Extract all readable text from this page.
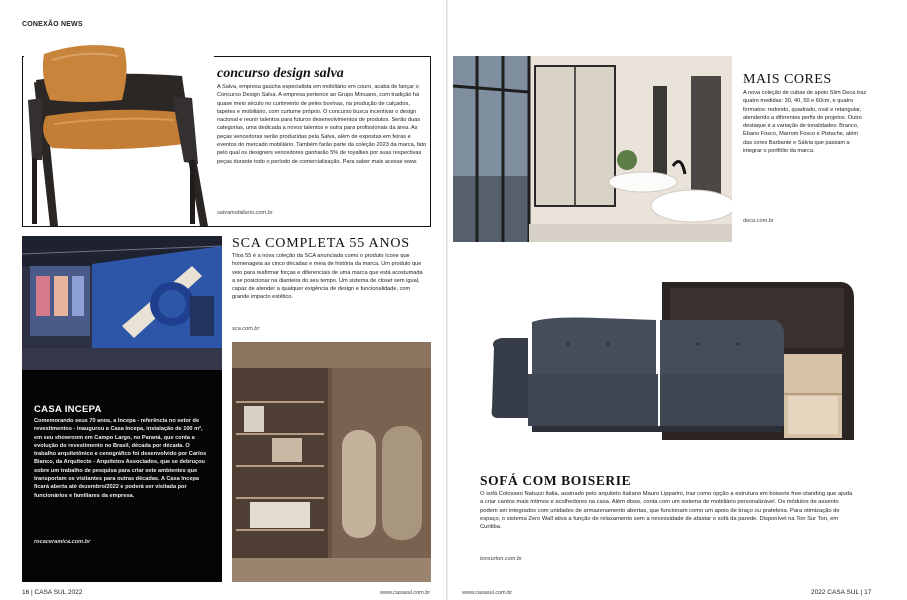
CONEXÃO NEWS
concurso design salva
A Salva, empresa gaúcha especialista em mobiliário em couro, acaba de lançar o Concurso Design Salva. A empresa pertence ao Grupo Minuano, com tradição há quase meio século no curtimento de peles bovinas, na produção de calçados, tapetes e mobiliário, com curtume próprio. O concurso busca incentivar o design nacional e reunir talentos para futuros desenvolvimentos de produtos. Serão duas categorias, uma dedicada a novos talentos e outra para profissionais da área. As peças vencedoras serão produzidas pela Salva, além de expostas em feiras e eventos do mercado mobiliário. Também farão parte da coleção 2023 da marca, fato pelo qual os designers vencedores ganharão 5% de royalties por suas respectivas peças durante todo o período de comercialização. Para saber mais acesse www.
salvamobiliario.com.br
CASA INCEPA
Comemorando seus 70 anos, a Incepa - referência no setor de revestimentos - inaugurou a Casa Incepa, instalação de 100 m², em seu showroom em Campo Largo, no Paraná, que conta a evolução do revestimento no Brasil, década por década. O trabalho arquitetônico e cenográfico foi desenvolvido por Carlos Bianco, da Arquitecto - Arquitetos Associados, que se debruçou sobre um trabalho de pesquisa para criar sete ambientes que transportam os visitantes para outras décadas. A Casa Incepa ficará aberta até dezembro/2022 e poderá ser visitada por funcionários e familiares da empresa.
rocaceramica.com.br
SCA COMPLETA 55 ANOS
Tilos 55 é a nova coleção da SCA anunciada como o produto ícone que homenageia as cinco décadas e meia de história da marca. Um produto que veio para reafirmar forças e diferenciais de uma marca que está acostumada a se posicionar na dianteira do seu tempo. Um sistema de closet sem igual, capaz de atender a qualquer exigência de design e funcionalidade, com grande impacto estético.
sca.com.br
16 | CASA SUL 2022	www.casasul.com.br
MAIS CORES
A nova coleção de cubas de apoio Slim Deca traz quatro medidas: 30, 40, 50 e 60cm, e quatro formatos: redondo, quadrado, oval e retangular, atendendo a diferentes perfis de projetos. Outro destaque é a variação de tonalidades: Branco, Ébano Fosco, Marrom Fosco e Pistache, além das cores Barbante e Sálvia que passam a integrar o portfólio da marca.
deca.com.br
SOFÁ COM BOISERIE
O sofá Colosseo Natuzzi Italia, assinado pelo arquiteto Italiano Mauro Lipparini, traz como opção a estrutura em boiserie free-standing que ajuda a criar cantos mais íntimos e acolhedores na casa. Além disso, conta com um sistema de mobiliário personalizável. Os módulos de assento podem ser integrados com unidades de armazenamento abertas, que funcionam como um apoio de braço ou prateleira. Para otimização de espaço, o sistema Zero Wall ativa a função de relaxamento sem a necessidade de afastar o sofá da parede. Disponível na Ton Sur Ton, em Curitiba.
tonsurton.com.br
www.casasul.com.br	2022 CASA SUL | 17
